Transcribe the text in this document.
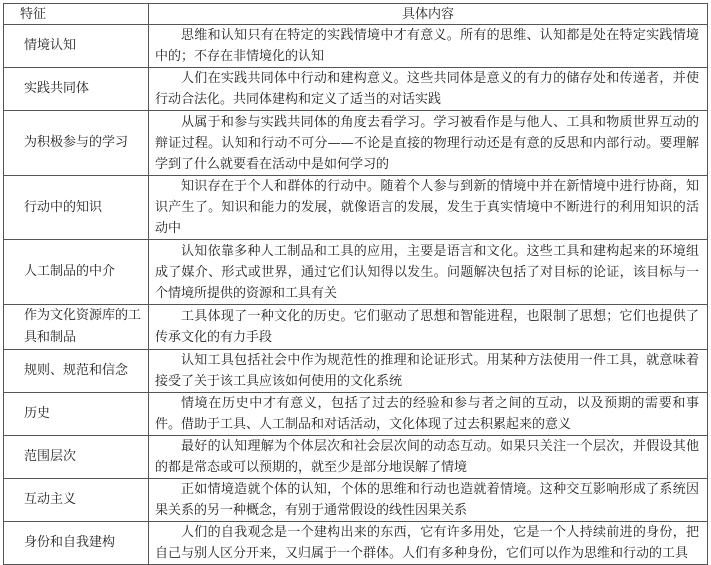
特征	具体内容
情境认知	思维和认知只有在特定的实践情境中才有意义。所有的思维、认知都是处在特定实践情境中的；不存在非情境化的认知
实践共同体	人们在实践共同体中行动和建构意义。这些共同体是意义的有力的储存处和传递者，并使行动合法化。共同体建构和定义了适当的对话实践
为积极参与的学习	从属于和参与实践共同体的角度去看学习。学习被看作是与他人、工具和物质世界互动的辩证过程。认知和行动不可分——不论是直接的物理行动还是有意的反思和内部行动。要理解学到了什么就要看在活动中是如何学习的
行动中的知识	知识存在于个人和群体的行动中。随着个人参与到新的情境中并在新情境中进行协商，知识产生了。知识和能力的发展，就像语言的发展，发生于真实情境中不断进行的利用知识的活动中
人工制品的中介	认知依靠多种人工制品和工具的应用，主要是语言和文化。这些工具和建构起来的环境组成了媒介、形式或世界，通过它们认知得以发生。问题解决包括了对目标的论证，该目标与一个情境所提供的资源和工具有关
作为文化资源库的工具和制品	工具体现了一种文化的历史。它们驱动了思想和智能进程，也限制了思想；它们也提供了传承文化的有力手段
规则、规范和信念	认知工具包括社会中作为规范性的推理和论证形式。用某种方法使用一件工具，就意味着接受了关于该工具应该如何使用的文化系统
历史	情境在历史中才有意义，包括了过去的经验和参与者之间的互动，以及预期的需要和事件。借助于工具、人工制品和对话活动，文化体现了过去积累起来的意义
范围层次	最好的认知理解为个体层次和社会层次间的动态互动。如果只关注一个层次，并假设其他的都是常态或可以预期的，就至少是部分地误解了情境
互动主义	正如情境造就个体的认知，个体的思维和行动也造就着情境。这种交互影响形成了系统因果关系的另一种概念，有别于通常假设的线性因果关系
身份和自我建构	人们的自我观念是一个建构出来的东西，它有许多用处，它是一个人持续前进的身份，把自己与别人区分开来，又归属于一个群体。人们有多种身份，它们可以作为思维和行动的工具
